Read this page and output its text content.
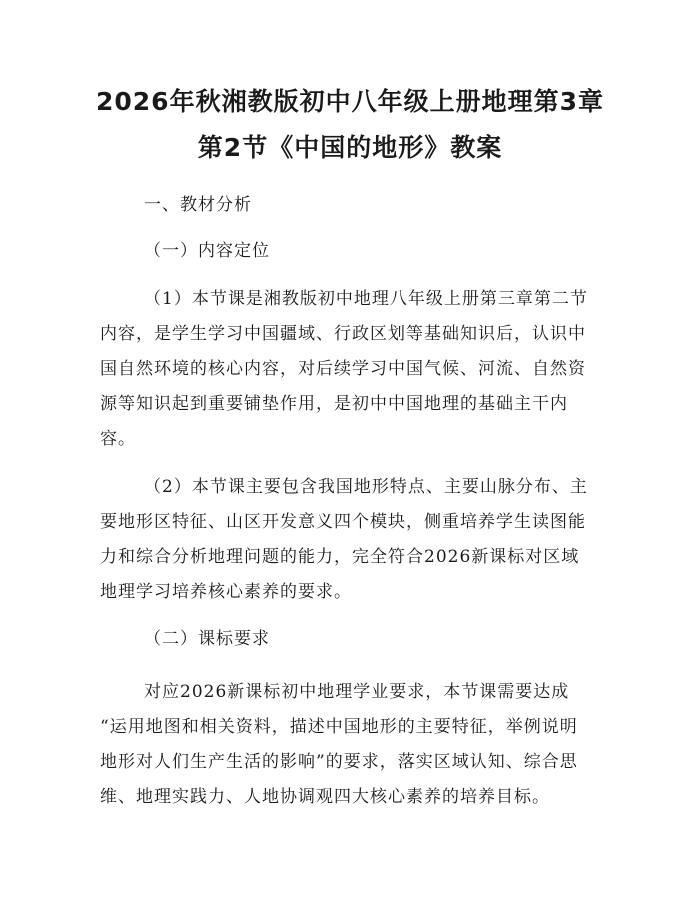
2026年秋湘教版初中八年级上册地理第3章
第2节《中国的地形》教案
一、教材分析
（一）内容定位
（1）本节课是湘教版初中地理八年级上册第三章第二节
内容，是学生学习中国疆域、行政区划等基础知识后，认识中
国自然环境的核心内容，对后续学习中国气候、河流、自然资
源等知识起到重要铺垫作用，是初中中国地理的基础主干内
容。
（2）本节课主要包含我国地形特点、主要山脉分布、主
要地形区特征、山区开发意义四个模块，侧重培养学生读图能
力和综合分析地理问题的能力，完全符合2026新课标对区域
地理学习培养核心素养的要求。
（二）课标要求
对应2026新课标初中地理学业要求，本节课需要达成
“运用地图和相关资料，描述中国地形的主要特征，举例说明
地形对人们生产生活的影响”的要求，落实区域认知、综合思
维、地理实践力、人地协调观四大核心素养的培养目标。
